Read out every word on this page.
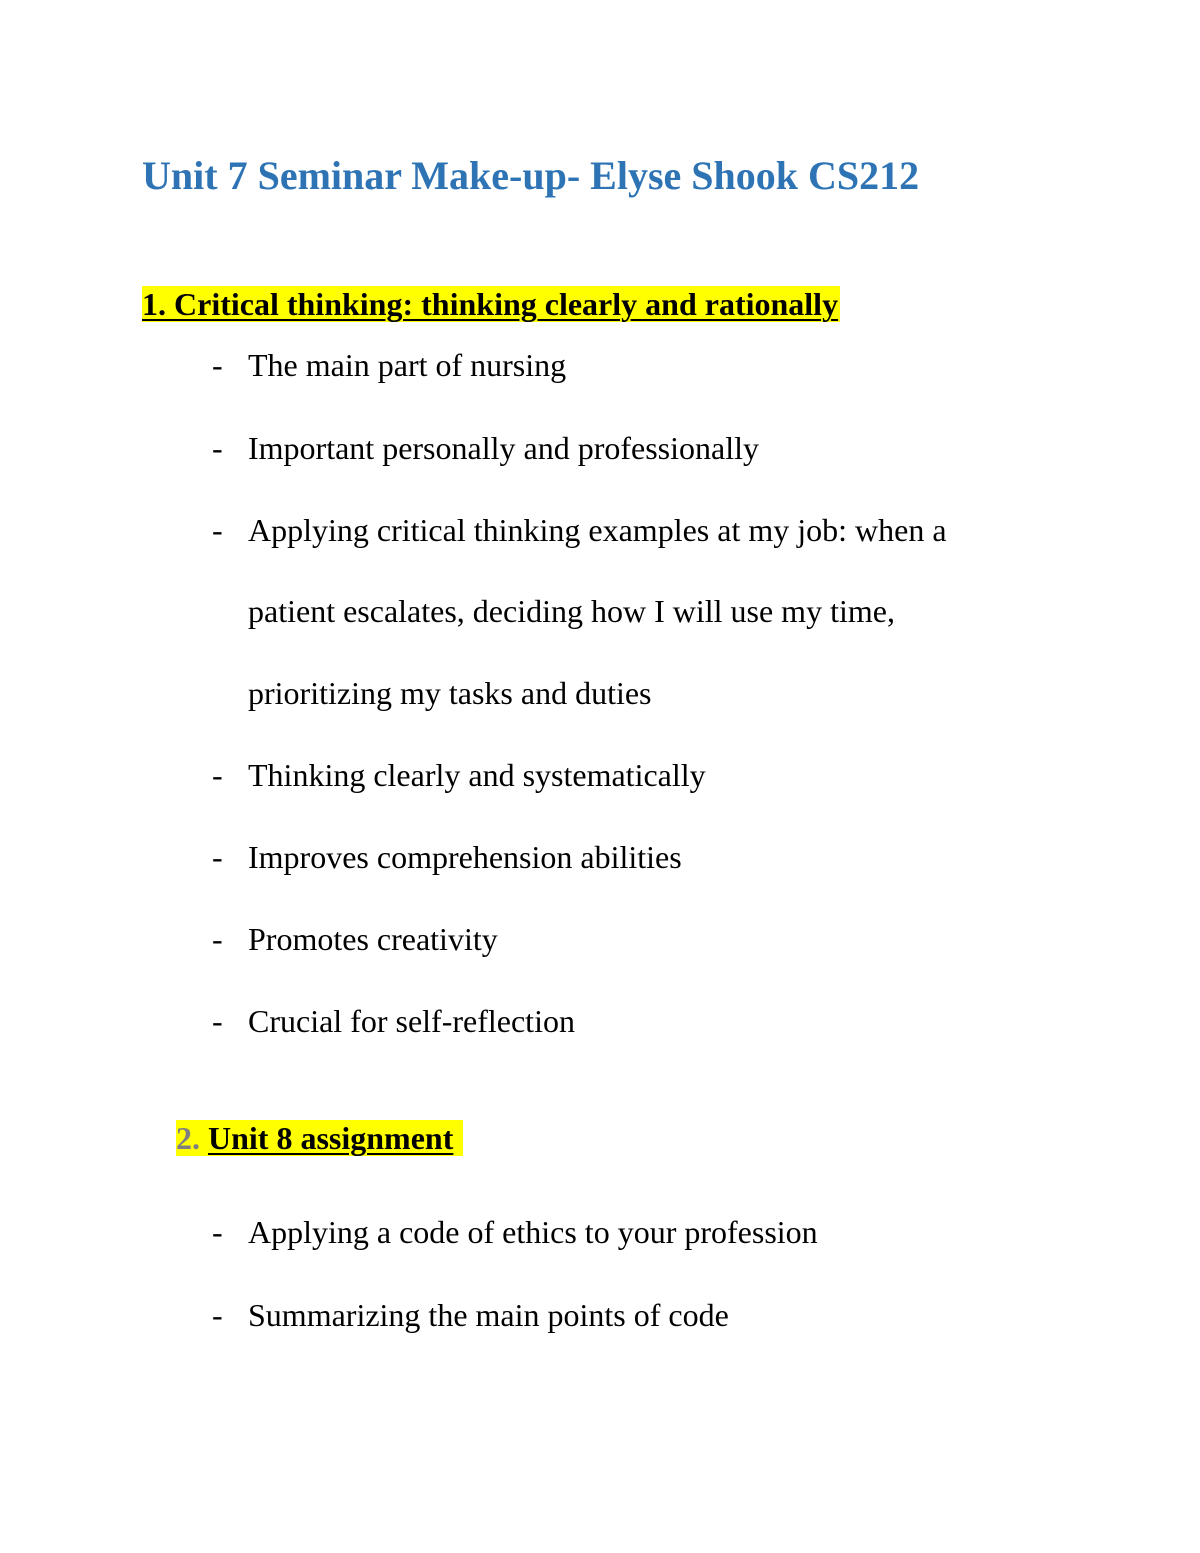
Unit 7 Seminar Make-up- Elyse Shook CS212
1. Critical thinking: thinking clearly and rationally

- The main part of nursing

- Important personally and professionally

- Applying critical thinking examples at my job: when a

patient escalates, deciding how I will use my time,

prioritizing my tasks and duties

- Thinking clearly and systematically

- Improves comprehension abilities

- Promotes creativity

- Crucial for self-reflection

2. Unit 8 assignment

- Applying a code of ethics to your profession

- Summarizing the main points of code
